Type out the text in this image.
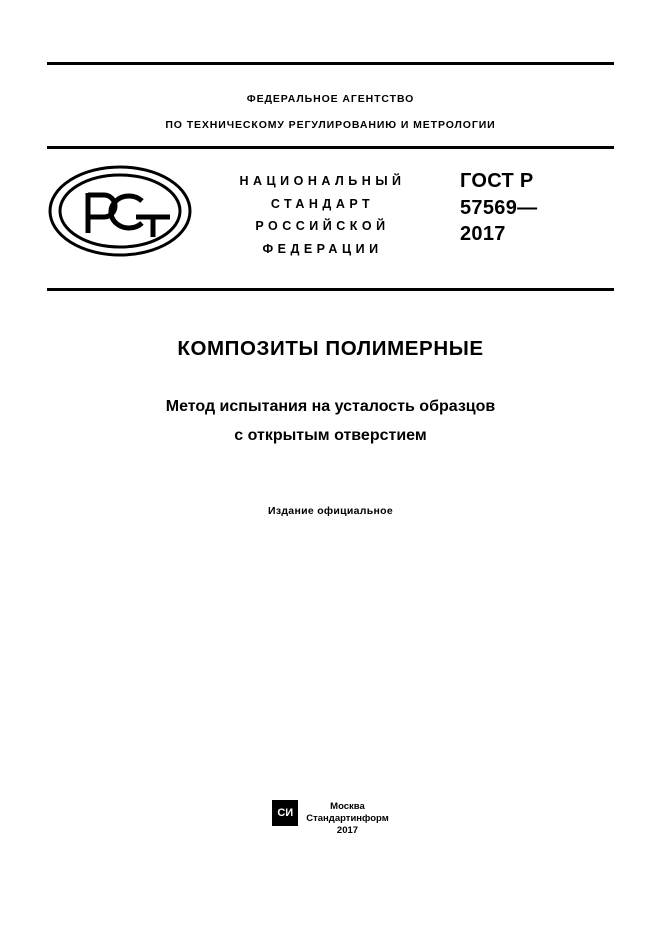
ФЕДЕРАЛЬНОЕ АГЕНТСТВО
ПО ТЕХНИЧЕСКОМУ РЕГУЛИРОВАНИЮ И МЕТРОЛОГИИ
НАЦИОНАЛЬНЫЙ
СТАНДАРТ
РОССИЙСКОЙ
ФЕДЕРАЦИИ
ГОСТ Р
57569—
2017
КОМПОЗИТЫ ПОЛИМЕРНЫЕ
Метод испытания на усталость образцов
с открытым отверстием
Издание официальное
СИ
Москва
Стандартинформ
2017
